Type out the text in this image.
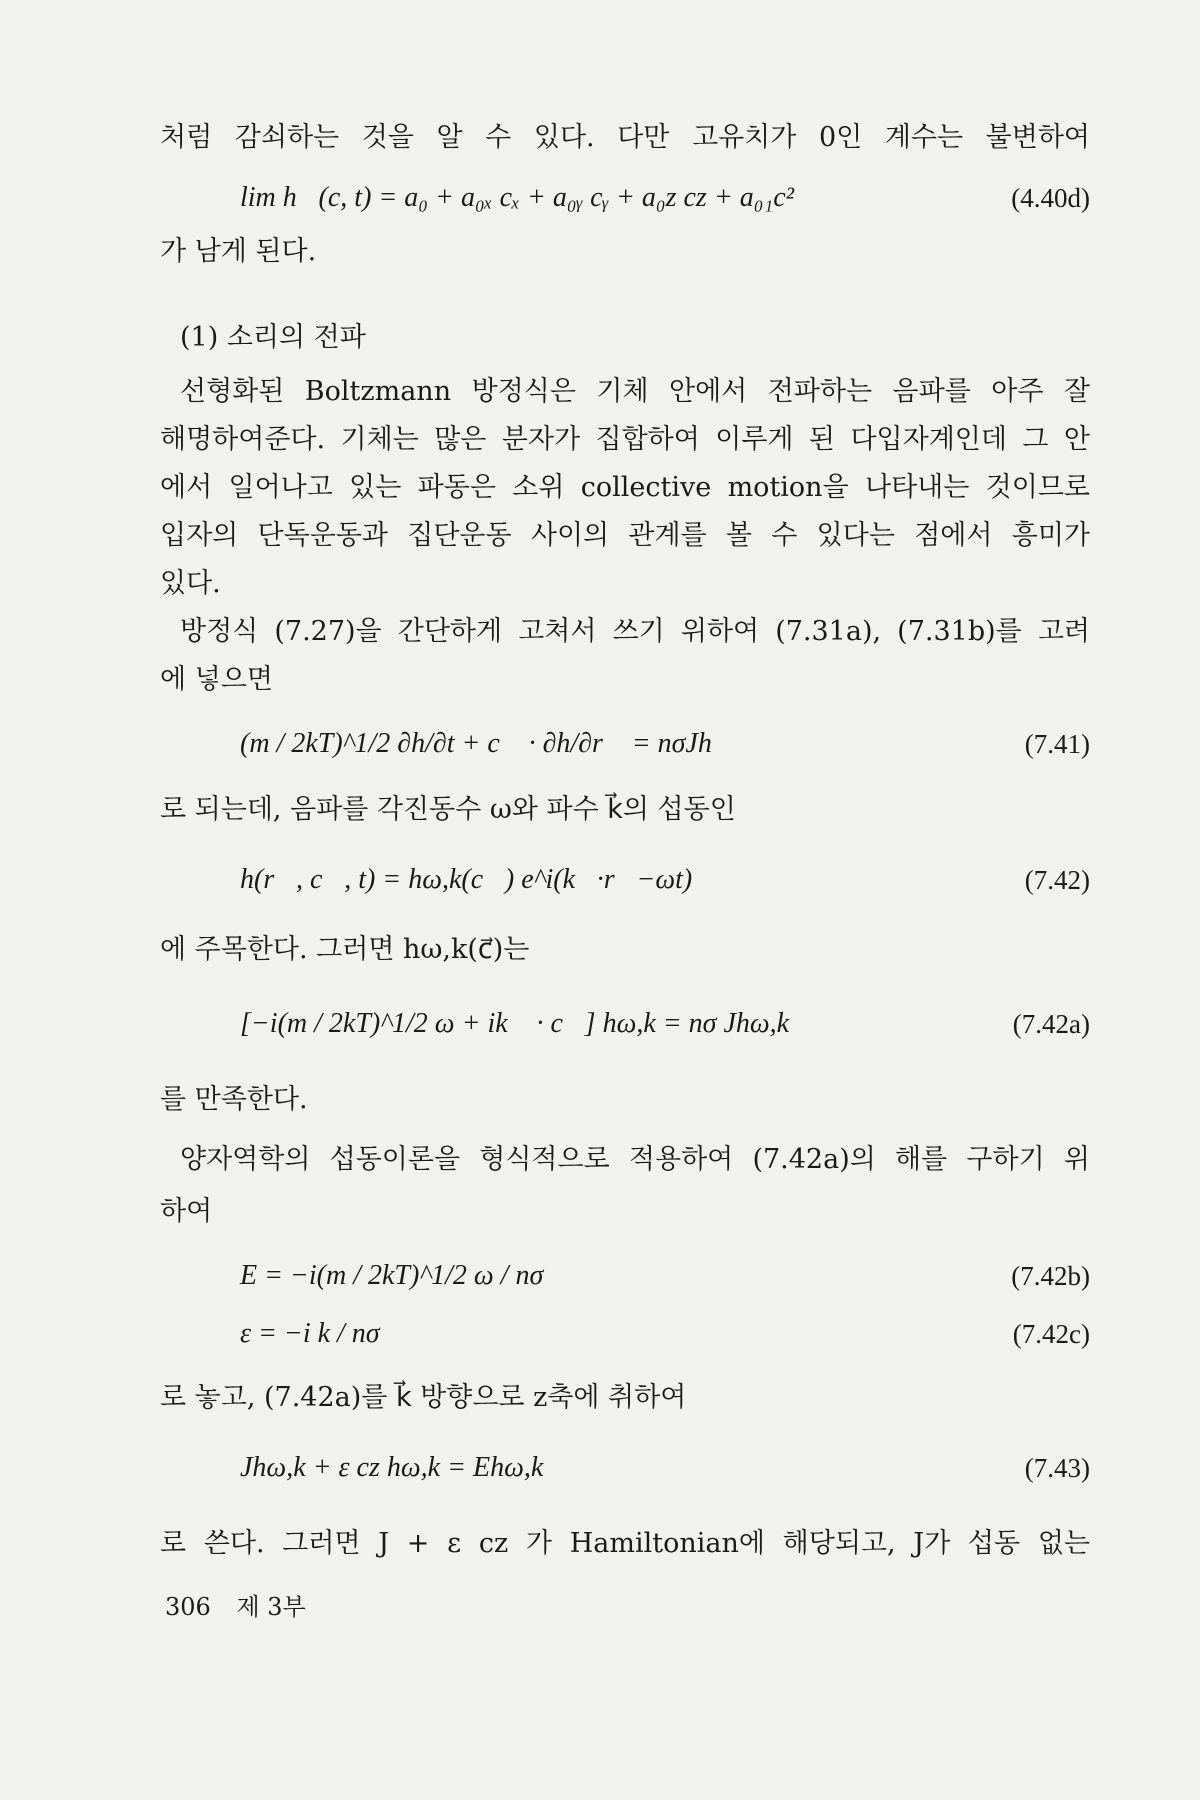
처럼 감쇠하는 것을 알 수 있다. 다만 고유치가 0인 계수는 불변하여
lim h⃗(c, t) = a₀ + a₀ₓ cₓ + a₀ᵧ cᵧ + a₀z cz + a₀₁c²	(4.40d)
가 남게 된다.
(1) 소리의 전파
선형화된 Boltzmann 방정식은 기체 안에서 전파하는 음파를 아주 잘
해명하여준다. 기체는 많은 분자가 집합하여 이루게 된 다입자계인데 그 안
에서 일어나고 있는 파동은 소위 collective motion을 나타내는 것이므로
입자의 단독운동과 집단운동 사이의 관계를 볼 수 있다는 점에서 흥미가
있다.
방정식 (7.27)을 간단하게 고쳐서 쓰기 위하여 (7.31a), (7.31b)를 고려
에 넣으면
(m / 2kT)^1/2 ∂h/∂t + c⃗ · ∂h/∂r⃗ = nσJh	(7.41)
로 되는데, 음파를 각진동수 ω와 파수 k⃗의 섭동인
h(r⃗, c⃗, t) = hω,k(c⃗) e^i(k⃗·r⃗−ωt)	(7.42)
에 주목한다. 그러면 hω,k(c⃗)는
[−i(m / 2kT)^1/2 ω + ik⃗ · c⃗] hω,k = nσ Jhω,k	(7.42a)
를 만족한다.
양자역학의 섭동이론을 형식적으로 적용하여 (7.42a)의 해를 구하기 위
하여
E = −i(m / 2kT)^1/2 ω / nσ	(7.42b)
ε = −i k / nσ	(7.42c)
로 놓고, (7.42a)를 k⃗ 방향으로 z축에 취하여
Jhω,k + ε cz hω,k = Ehω,k	(7.43)
로 쓴다. 그러면 J + ε cz 가 Hamiltonian에 해당되고, J가 섭동 없는
306 제 3부
